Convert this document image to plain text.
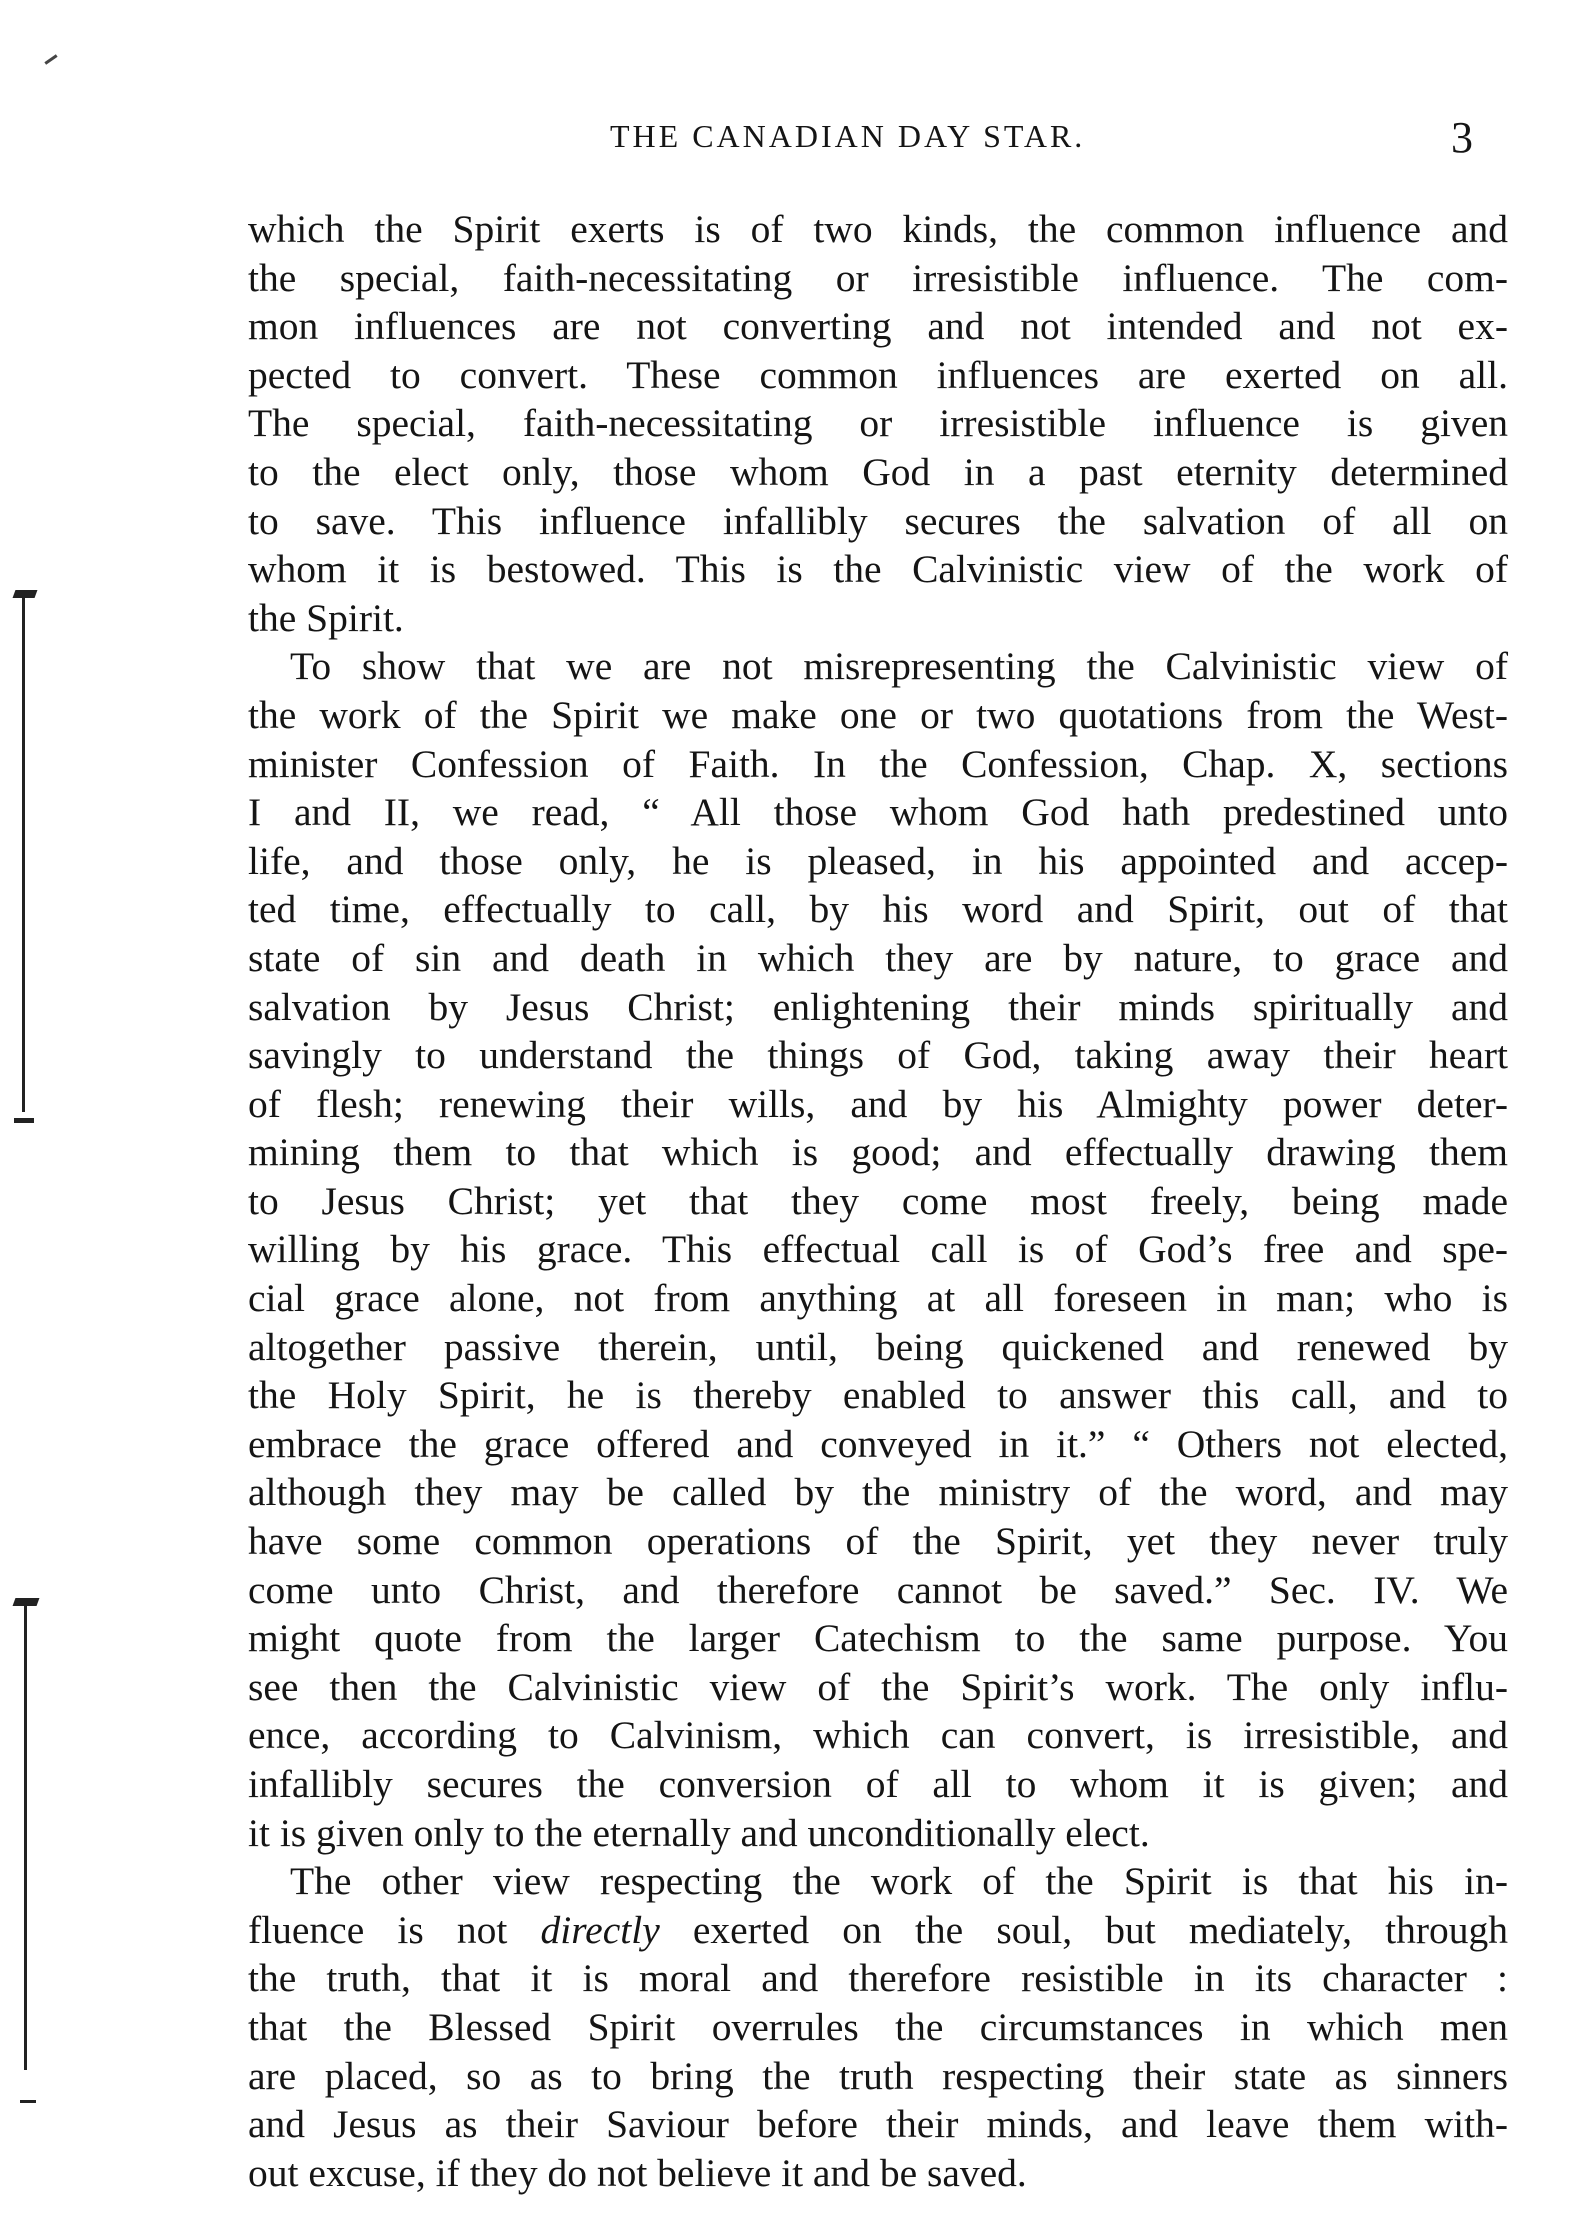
THE CANADIAN DAY STAR.	3

which the Spirit exerts is of two kinds, the common influence and
the special, faith-necessitating or irresistible influence. The com-
mon influences are not converting and not intended and not ex-
pected to convert. These common influences are exerted on all.
The special, faith-necessitating or irresistible influence is given
to the elect only, those whom God in a past eternity determined
to save. This influence infallibly secures the salvation of all on
whom it is bestowed. This is the Calvinistic view of the work of
the Spirit.

To show that we are not misrepresenting the Calvinistic view of
the work of the Spirit we make one or two quotations from the West-
minister Confession of Faith. In the Confession, Chap. X, sections
I and II, we read, “ All those whom God hath predestined unto
life, and those only, he is pleased, in his appointed and accep-
ted time, effectually to call, by his word and Spirit, out of that
state of sin and death in which they are by nature, to grace and
salvation by Jesus Christ; enlightening their minds spiritually and
savingly to understand the things of God, taking away their heart
of flesh; renewing their wills, and by his Almighty power deter-
mining them to that which is good; and effectually drawing them
to Jesus Christ; yet that they come most freely, being made
willing by his grace. This effectual call is of God’s free and spe-
cial grace alone, not from anything at all foreseen in man; who is
altogether passive therein, until, being quickened and renewed by
the Holy Spirit, he is thereby enabled to answer this call, and to
embrace the grace offered and conveyed in it.” “ Others not elected,
although they may be called by the ministry of the word, and may
have some common operations of the Spirit, yet they never truly
come unto Christ, and therefore cannot be saved.” Sec. IV. We
might quote from the larger Catechism to the same purpose. You
see then the Calvinistic view of the Spirit’s work. The only influ-
ence, according to Calvinism, which can convert, is irresistible, and
infallibly secures the conversion of all to whom it is given; and
it is given only to the eternally and unconditionally elect.

The other view respecting the work of the Spirit is that his in-
fluence is not directly exerted on the soul, but mediately, through
the truth, that it is moral and therefore resistible in its character :
that the Blessed Spirit overrules the circumstances in which men
are placed, so as to bring the truth respecting their state as sinners
and Jesus as their Saviour before their minds, and leave them with-
out excuse, if they do not believe it and be saved.
